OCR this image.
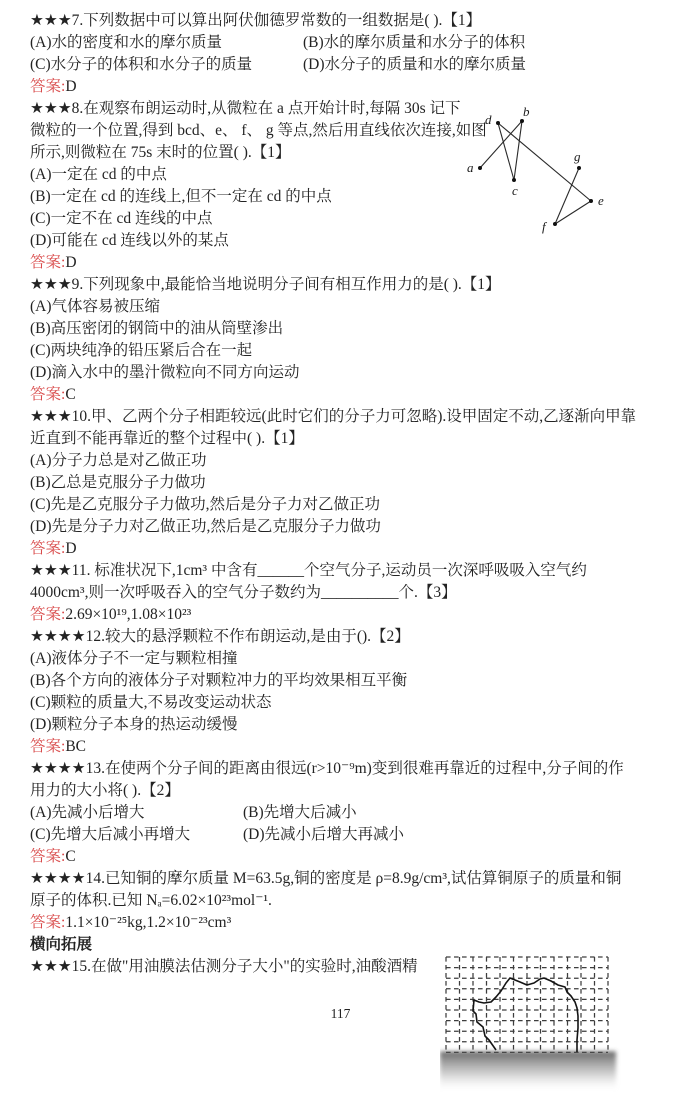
★★★7.下列数据中可以算出阿伏伽德罗常数的一组数据是( ).【1】
(A)水的密度和水的摩尔质量	(B)水的摩尔质量和水分子的体积
(C)水分子的体积和水分子的质量	(D)水分子的质量和水的摩尔质量
答案:D
★★★8.在观察布朗运动时,从微粒在 a 点开始计时,每隔 30s 记下
微粒的一个位置,得到 bcd、e、 f、 g 等点,然后用直线依次连接,如图
所示,则微粒在 75s 末时的位置( ).【1】
(A)一定在 cd 的中点
(B)一定在 cd 的连线上,但不一定在 cd 的中点
(C)一定不在 cd 连线的中点
(D)可能在 cd 连线以外的某点
答案:D
★★★9.下列现象中,最能恰当地说明分子间有相互作用力的是( ).【1】
(A)气体容易被压缩
(B)高压密闭的钢筒中的油从筒壁渗出
(C)两块纯净的铅压紧后合在一起
(D)滴入水中的墨汁微粒向不同方向运动
答案:C
★★★10.甲、乙两个分子相距较远(此时它们的分子力可忽略).设甲固定不动,乙逐渐向甲靠
近直到不能再靠近的整个过程中( ).【1】
(A)分子力总是对乙做正功
(B)乙总是克服分子力做功
(C)先是乙克服分子力做功,然后是分子力对乙做正功
(D)先是分子力对乙做正功,然后是乙克服分子力做功
答案:D
★★★11. 标准状况下,1cm³ 中含有______个空气分子,运动员一次深呼吸吸入空气约
4000cm³,则一次呼吸吞入的空气分子数约为__________个.【3】
答案:2.69×10¹⁹,1.08×10²³
★★★★12.较大的悬浮颗粒不作布朗运动,是由于().【2】
(A)液体分子不一定与颗粒相撞
(B)各个方向的液体分子对颗粒冲力的平均效果相互平衡
(C)颗粒的质量大,不易改变运动状态
(D)颗粒分子本身的热运动缓慢
答案:BC
★★★★13.在使两个分子间的距离由很远(r>10⁻⁹m)变到很难再靠近的过程中,分子间的作
用力的大小将( ).【2】
(A)先减小后增大	(B)先增大后减小
(C)先增大后减小再增大	(D)先减小后增大再减小
答案:C
★★★★14.已知铜的摩尔质量 M=63.5g,铜的密度是 ρ=8.9g/cm³,试估算铜原子的质量和铜
原子的体积.已知 Nₐ=6.02×10²³mol⁻¹.
答案:1.1×10⁻²⁵kg,1.2×10⁻²³cm³
横向拓展
★★★15.在做"用油膜法估测分子大小"的实验时,油酸酒精
a
b
c
d
e
f
g
117
